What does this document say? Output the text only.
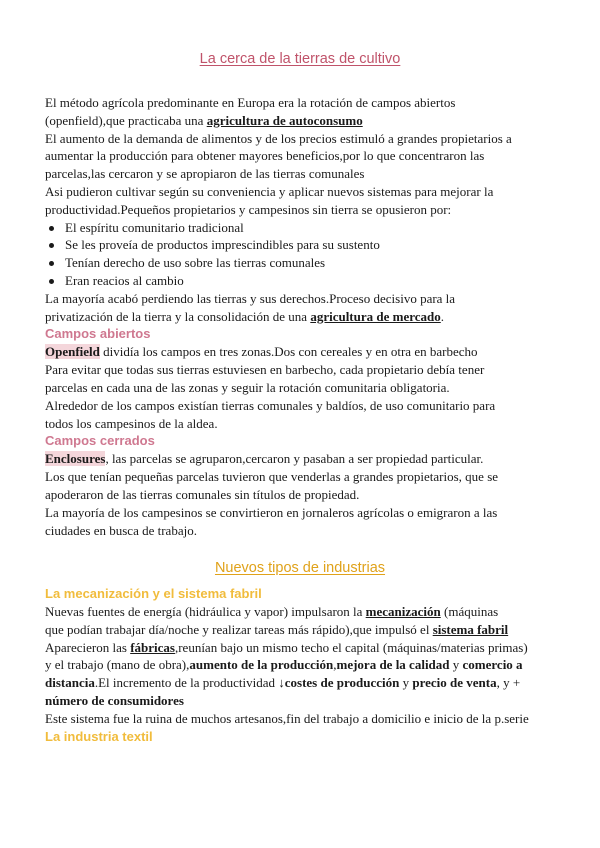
La cerca de la tierras de cultivo
El método agrícola predominante en Europa era la rotación de campos abiertos
(openfield),que practicaba una agricultura de autoconsumo
El aumento de la demanda de alimentos y de los precios estimuló a grandes propietarios a
aumentar la producción para obtener mayores beneficios,por lo que concentraron las
parcelas,las cercaron y se apropiaron de las tierras comunales
Asi pudieron cultivar según su conveniencia y aplicar nuevos sistemas para mejorar la
productividad.Pequeños propietarios y campesinos sin tierra se opusieron por:
El espíritu comunitario tradicional
Se les proveía de productos imprescindibles para su sustento
Tenían derecho de uso sobre las tierras comunales
Eran reacios al cambio
La mayoría acabó perdiendo las tierras y sus derechos.Proceso decisivo para la
privatización de la tierra y la consolidación de una agricultura de mercado.
Campos abiertos
Openfield dividía los campos en tres zonas.Dos con cereales y en otra en barbecho
Para evitar que todas sus tierras estuviesen en barbecho, cada propietario debía tener
parcelas en cada una de las zonas y seguir la rotación comunitaria obligatoria.
Alrededor de los campos existían tierras comunales y baldíos, de uso comunitario para
todos los campesinos de la aldea.
Campos cerrados
Enclosures, las parcelas se agruparon,cercaron y pasaban a ser propiedad particular.
Los que tenían pequeñas parcelas tuvieron que venderlas a grandes propietarios, que se
apoderaron de las tierras comunales sin títulos de propiedad.
La mayoría de los campesinos se convirtieron en jornaleros agrícolas o emigraron a las
ciudades en busca de trabajo.
Nuevos tipos de industrias
La mecanización y el sistema fabril
Nuevas fuentes de energía (hidráulica y vapor) impulsaron la mecanización (máquinas
que podían trabajar día/noche y realizar tareas más rápido),que impulsó el sistema fabril
Aparecieron las fábricas,reunían bajo un mismo techo el capital (máquinas/materias primas)
y el trabajo (mano de obra),aumento de la producción,mejora de la calidad y comercio a
distancia.El incremento de la productividad ↓costes de producción y precio de venta, y +
número de consumidores
Este sistema fue la ruina de muchos artesanos,fin del trabajo a domicilio e inicio de la p.serie
La industria textil
